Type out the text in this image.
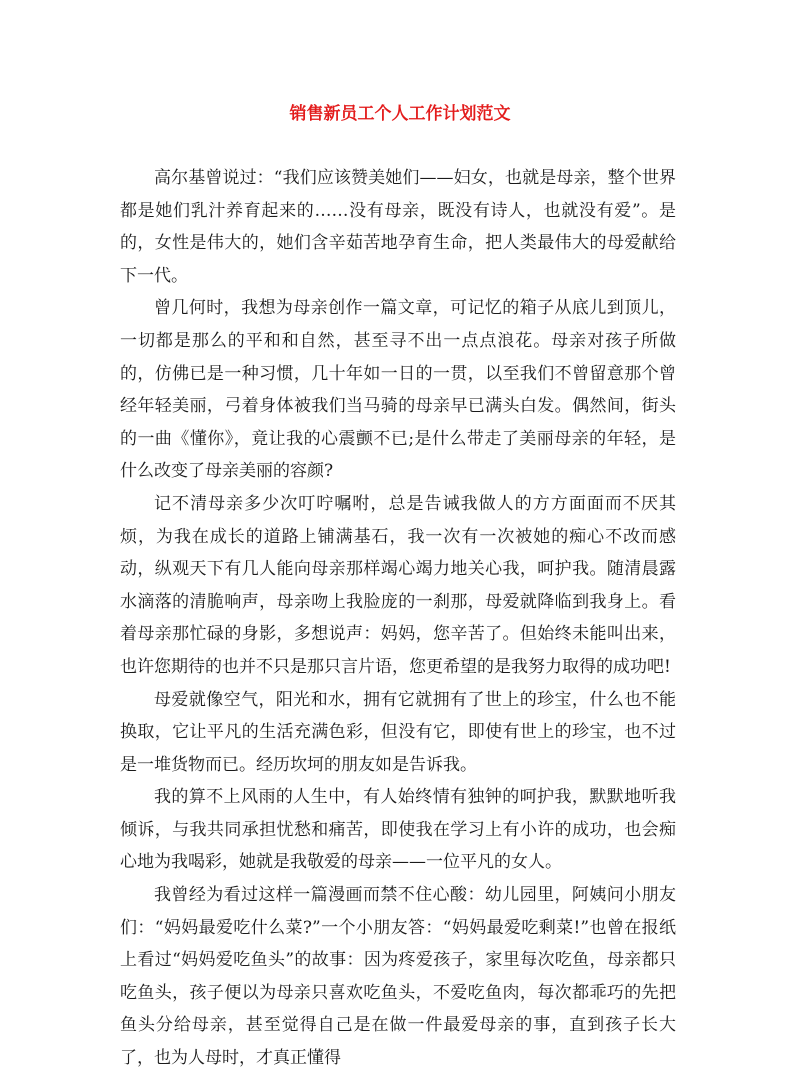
销售新员工个人工作计划范文

高尔基曾说过：“我们应该赞美她们——妇女，也就是母亲，整个世界都是她们乳汁养育起来的……没有母亲，既没有诗人，也就没有爱”。是的，女性是伟大的，她们含辛茹苦地孕育生命，把人类最伟大的母爱献给下一代。

曾几何时，我想为母亲创作一篇文章，可记忆的箱子从底儿到顶儿，一切都是那么的平和和自然，甚至寻不出一点点浪花。母亲对孩子所做的，仿佛已是一种习惯，几十年如一日的一贯，以至我们不曾留意那个曾经年轻美丽，弓着身体被我们当马骑的母亲早已满头白发。偶然间，街头的一曲《懂你》，竟让我的心震颤不已;是什么带走了美丽母亲的年轻，是什么改变了母亲美丽的容颜?

记不清母亲多少次叮咛嘱咐，总是告诫我做人的方方面面而不厌其烦，为我在成长的道路上铺满基石，我一次有一次被她的痴心不改而感动，纵观天下有几人能向母亲那样竭心竭力地关心我，呵护我。随清晨露水滴落的清脆响声，母亲吻上我脸庞的一刹那，母爱就降临到我身上。看着母亲那忙碌的身影，多想说声：妈妈，您辛苦了。但始终未能叫出来，也许您期待的也并不只是那只言片语，您更希望的是我努力取得的成功吧!

母爱就像空气，阳光和水，拥有它就拥有了世上的珍宝，什么也不能换取，它让平凡的生活充满色彩，但没有它，即使有世上的珍宝，也不过是一堆货物而已。经历坎坷的朋友如是告诉我。

我的算不上风雨的人生中，有人始终情有独钟的呵护我，默默地听我倾诉，与我共同承担忧愁和痛苦，即使我在学习上有小许的成功，也会痴心地为我喝彩，她就是我敬爱的母亲——一位平凡的女人。

我曾经为看过这样一篇漫画而禁不住心酸：幼儿园里，阿姨问小朋友们：“妈妈最爱吃什么菜?”一个小朋友答：“妈妈最爱吃剩菜!”也曾在报纸上看过“妈妈爱吃鱼头”的故事：因为疼爱孩子，家里每次吃鱼，母亲都只吃鱼头，孩子便以为母亲只喜欢吃鱼头，不爱吃鱼肉，每次都乖巧的先把鱼头分给母亲，甚至觉得自己是在做一件最爱母亲的事，直到孩子长大了，也为人母时，才真正懂得
